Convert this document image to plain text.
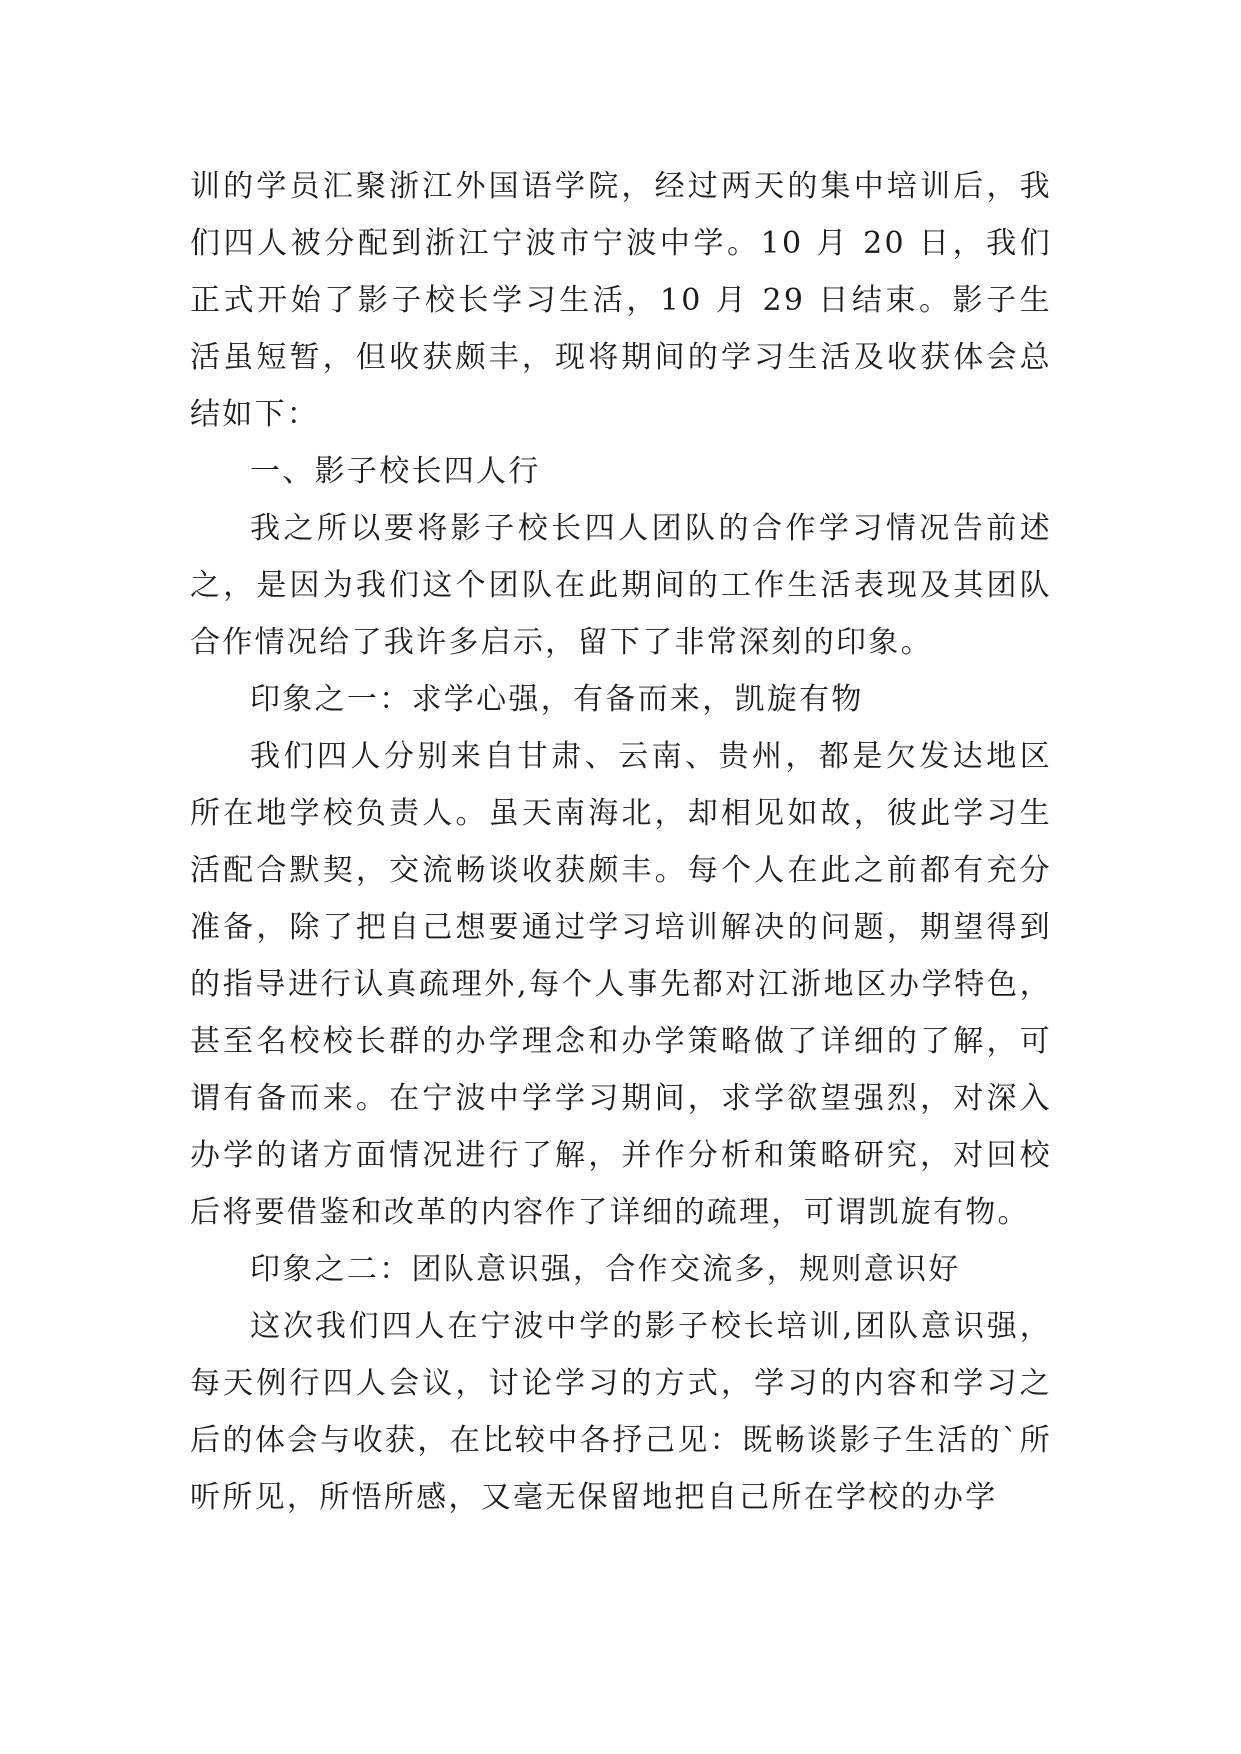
训的学员汇聚浙江外国语学院，经过两天的集中培训后，我们四人被分配到浙江宁波市宁波中学。10 月 20 日，我们正式开始了影子校长学习生活，10 月 29 日结束。影子生活虽短暂，但收获颇丰，现将期间的学习生活及收获体会总结如下：

一、影子校长四人行

我之所以要将影子校长四人团队的合作学习情况告前述之，是因为我们这个团队在此期间的工作生活表现及其团队合作情况给了我许多启示，留下了非常深刻的印象。

印象之一：求学心强，有备而来，凯旋有物

我们四人分别来自甘肃、云南、贵州，都是欠发达地区所在地学校负责人。虽天南海北，却相见如故，彼此学习生活配合默契，交流畅谈收获颇丰。每个人在此之前都有充分准备，除了把自己想要通过学习培训解决的问题，期望得到的指导进行认真疏理外,每个人事先都对江浙地区办学特色，甚至名校校长群的办学理念和办学策略做了详细的了解，可谓有备而来。在宁波中学学习期间，求学欲望强烈，对深入办学的诸方面情况进行了解，并作分析和策略研究，对回校后将要借鉴和改革的内容作了详细的疏理，可谓凯旋有物。

印象之二：团队意识强，合作交流多，规则意识好

这次我们四人在宁波中学的影子校长培训,团队意识强，每天例行四人会议，讨论学习的方式，学习的内容和学习之后的体会与收获，在比较中各抒己见：既畅谈影子生活的`所听所见，所悟所感，又毫无保留地把自己所在学校的办学
